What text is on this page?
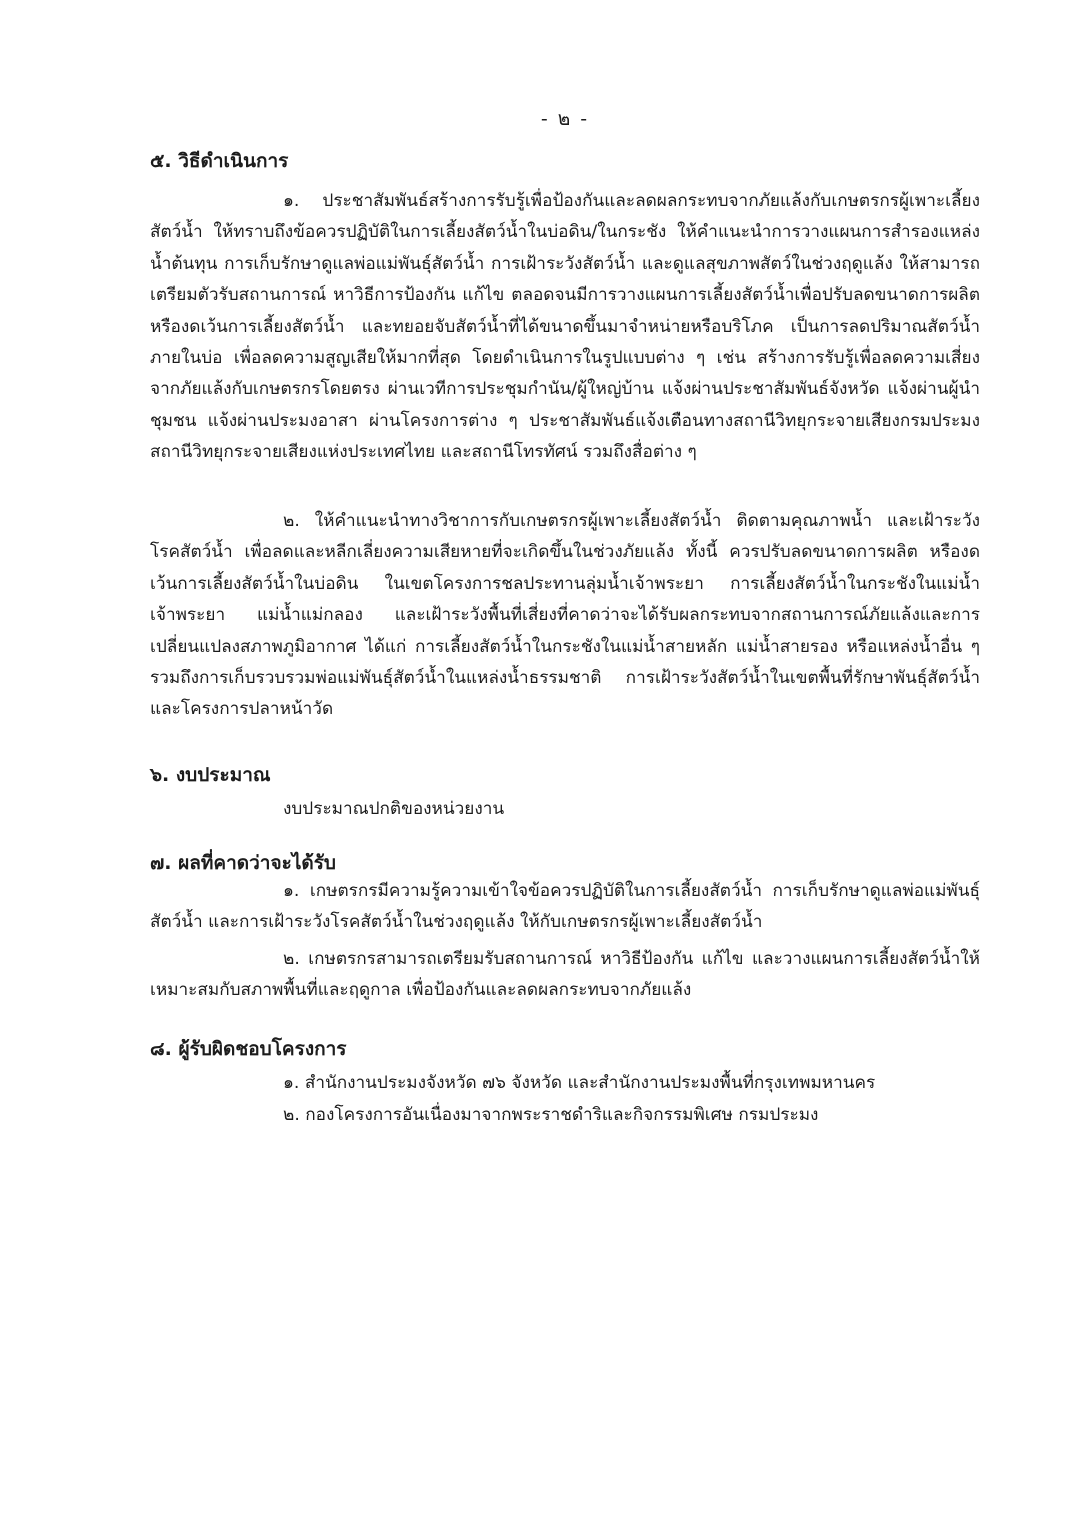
- ๒ -
๕. วิธีดำเนินการ

๑. ประชาสัมพันธ์สร้างการรับรู้เพื่อป้องกันและลดผลกระทบจากภัยแล้งกับเกษตรกรผู้เพาะเลี้ยงสัตว์น้ำ ให้ทราบถึงข้อควรปฏิบัติในการเลี้ยงสัตว์น้ำในบ่อดิน/ในกระชัง ให้คำแนะนำการวางแผนการสำรองแหล่งน้ำต้นทุน การเก็บรักษาดูแลพ่อแม่พันธุ์สัตว์น้ำ การเฝ้าระวังสัตว์น้ำ และดูแลสุขภาพสัตว์ในช่วงฤดูแล้ง ให้สามารถเตรียมตัวรับสถานการณ์ หาวิธีการป้องกัน แก้ไข ตลอดจนมีการวางแผนการเลี้ยงสัตว์น้ำเพื่อปรับลดขนาดการผลิต หรืองดเว้นการเลี้ยงสัตว์น้ำ และทยอยจับสัตว์น้ำที่ได้ขนาดขึ้นมาจำหน่ายหรือบริโภค เป็นการลดปริมาณสัตว์น้ำภายในบ่อ เพื่อลดความสูญเสียให้มากที่สุด โดยดำเนินการในรูปแบบต่าง ๆ เช่น สร้างการรับรู้เพื่อลดความเสี่ยงจากภัยแล้งกับเกษตรกรโดยตรง ผ่านเวทีการประชุมกำนัน/ผู้ใหญ่บ้าน แจ้งผ่านประชาสัมพันธ์จังหวัด แจ้งผ่านผู้นำชุมชน แจ้งผ่านประมงอาสา ผ่านโครงการต่าง ๆ ประชาสัมพันธ์แจ้งเตือนทางสถานีวิทยุกระจายเสียงกรมประมง สถานีวิทยุกระจายเสียงแห่งประเทศไทย และสถานีโทรทัศน์ รวมถึงสื่อต่าง ๆ

๒. ให้คำแนะนำทางวิชาการกับเกษตรกรผู้เพาะเลี้ยงสัตว์น้ำ ติดตามคุณภาพน้ำ และเฝ้าระวังโรคสัตว์น้ำ เพื่อลดและหลีกเลี่ยงความเสียหายที่จะเกิดขึ้นในช่วงภัยแล้ง ทั้งนี้ ควรปรับลดขนาดการผลิต หรืองดเว้นการเลี้ยงสัตว์น้ำในบ่อดิน ในเขตโครงการชลประทานลุ่มน้ำเจ้าพระยา การเลี้ยงสัตว์น้ำในกระชังในแม่น้ำเจ้าพระยา แม่น้ำแม่กลอง และเฝ้าระวังพื้นที่เสี่ยงที่คาดว่าจะได้รับผลกระทบจากสถานการณ์ภัยแล้งและการเปลี่ยนแปลงสภาพภูมิอากาศ ได้แก่ การเลี้ยงสัตว์น้ำในกระชังในแม่น้ำสายหลัก แม่น้ำสายรอง หรือแหล่งน้ำอื่น ๆ รวมถึงการเก็บรวบรวมพ่อแม่พันธุ์สัตว์น้ำในแหล่งน้ำธรรมชาติ การเฝ้าระวังสัตว์น้ำในเขตพื้นที่รักษาพันธุ์สัตว์น้ำและโครงการปลาหน้าวัด

๖. งบประมาณ
งบประมาณปกติของหน่วยงาน
๗. ผลที่คาดว่าจะได้รับ

๑. เกษตรกรมีความรู้ความเข้าใจข้อควรปฏิบัติในการเลี้ยงสัตว์น้ำ การเก็บรักษาดูแลพ่อแม่พันธุ์สัตว์น้ำ และการเฝ้าระวังโรคสัตว์น้ำในช่วงฤดูแล้ง ให้กับเกษตรกรผู้เพาะเลี้ยงสัตว์น้ำ

๒. เกษตรกรสามารถเตรียมรับสถานการณ์ หาวิธีป้องกัน แก้ไข และวางแผนการเลี้ยงสัตว์น้ำให้เหมาะสมกับสภาพพื้นที่และฤดูกาล เพื่อป้องกันและลดผลกระทบจากภัยแล้ง

๘. ผู้รับผิดชอบโครงการ
๑. สำนักงานประมงจังหวัด ๗๖ จังหวัด และสำนักงานประมงพื้นที่กรุงเทพมหานคร
๒. กองโครงการอันเนื่องมาจากพระราชดำริและกิจกรรมพิเศษ กรมประมง
